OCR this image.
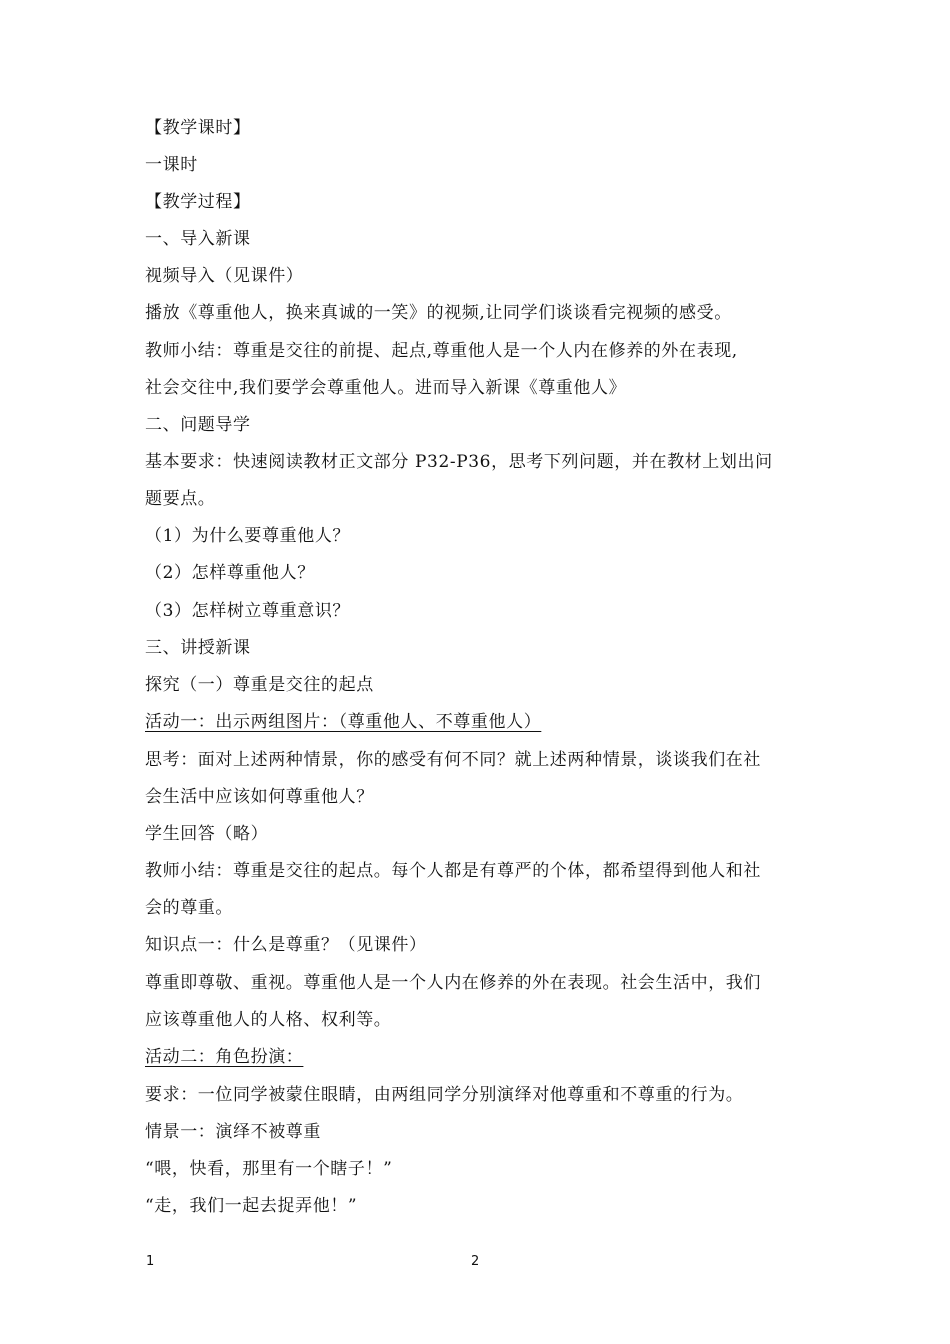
【教学课时】
一课时
【教学过程】
一、导入新课
视频导入（见课件）
播放《尊重他人，换来真诚的一笑》的视频,让同学们谈谈看完视频的感受。
教师小结：尊重是交往的前提、起点,尊重他人是一个人内在修养的外在表现,
社会交往中,我们要学会尊重他人。进而导入新课《尊重他人》
二、问题导学
基本要求：快速阅读教材正文部分 P32-P36，思考下列问题，并在教材上划出问
题要点。
（1）为什么要尊重他人？
（2）怎样尊重他人？
（3）怎样树立尊重意识？
三、讲授新课
探究（一）尊重是交往的起点
活动一：出示两组图片：（尊重他人、不尊重他人）
思考：面对上述两种情景，你的感受有何不同？就上述两种情景，谈谈我们在社
会生活中应该如何尊重他人？
学生回答（略）
教师小结：尊重是交往的起点。每个人都是有尊严的个体，都希望得到他人和社
会的尊重。
知识点一：什么是尊重？（见课件）
尊重即尊敬、重视。尊重他人是一个人内在修养的外在表现。社会生活中，我们
应该尊重他人的人格、权利等。
活动二：角色扮演：
要求：一位同学被蒙住眼睛，由两组同学分别演绎对他尊重和不尊重的行为。
情景一：演绎不被尊重
“喂，快看，那里有一个瞎子！”
“走，我们一起去捉弄他！”
1	2
